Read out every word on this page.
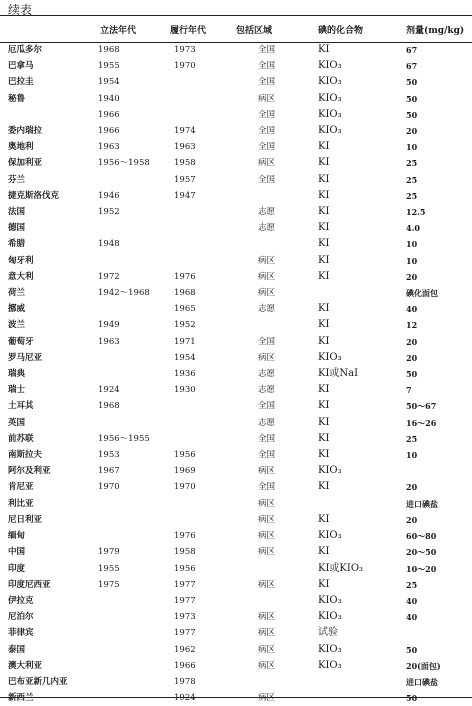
续表
	立法年代	履行年代	包括区域	碘的化合物	剂量(mg/kg)
厄瓜多尔	1968	1973	全国	KI	67
巴拿马	1955	1970	全国	KIO₃	67
巴拉圭	1954		全国	KIO₃	50
秘鲁	1940		病区	KIO₃	50
	1966		全国	KIO₃	50
委内瑞拉	1966	1974	全国	KIO₃	20
奥地利	1963	1963	全国	KI	10
保加利亚	1956～1958	1958	病区	KI	25
芬兰		1957	全国	KI	25
捷克斯洛伐克	1946	1947		KI	25
法国	1952		志愿	KI	12.5
德国			志愿	KI	4.0
希腊	1948			KI	10
匈牙利			病区	KI	10
意大利	1972	1976	病区	KI	20
荷兰	1942～1968	1968	病区		碘化面包
挪威		1965	志愿	KI	40
波兰	1949	1952		KI	12
葡萄牙	1963	1971	全国	KI	20
罗马尼亚		1954	病区	KIO₃	20
瑞典		1936	志愿	KI或NaI	50
瑞士	1924	1930	志愿	KI	7
土耳其	1968		全国	KI	50～67
英国			志愿	KI	16～26
前苏联	1956～1955		全国	KI	25
南斯拉夫	1953	1956	全国	KI	10
阿尔及利亚	1967	1969	病区	KIO₃	
肯尼亚	1970	1970	全国	KI	20
利比亚			病区		进口碘盐
尼日利亚			病区	KI	20
缅甸		1976	病区	KIO₃	60～80
中国	1979	1958	病区	KI	20～50
印度	1955	1956		KI或KIO₃	10～20
印度尼西亚	1975	1977	病区	KI	25
伊拉克		1977		KIO₃	40
尼泊尔		1973	病区	KIO₃	40
菲律宾		1977	病区	试验	
泰国		1962	病区	KIO₃	50
澳大利亚		1966	病区	KIO₃	20(面包)
巴布亚新几内亚		1978			进口碘盐
新西兰		1924	病区		50
